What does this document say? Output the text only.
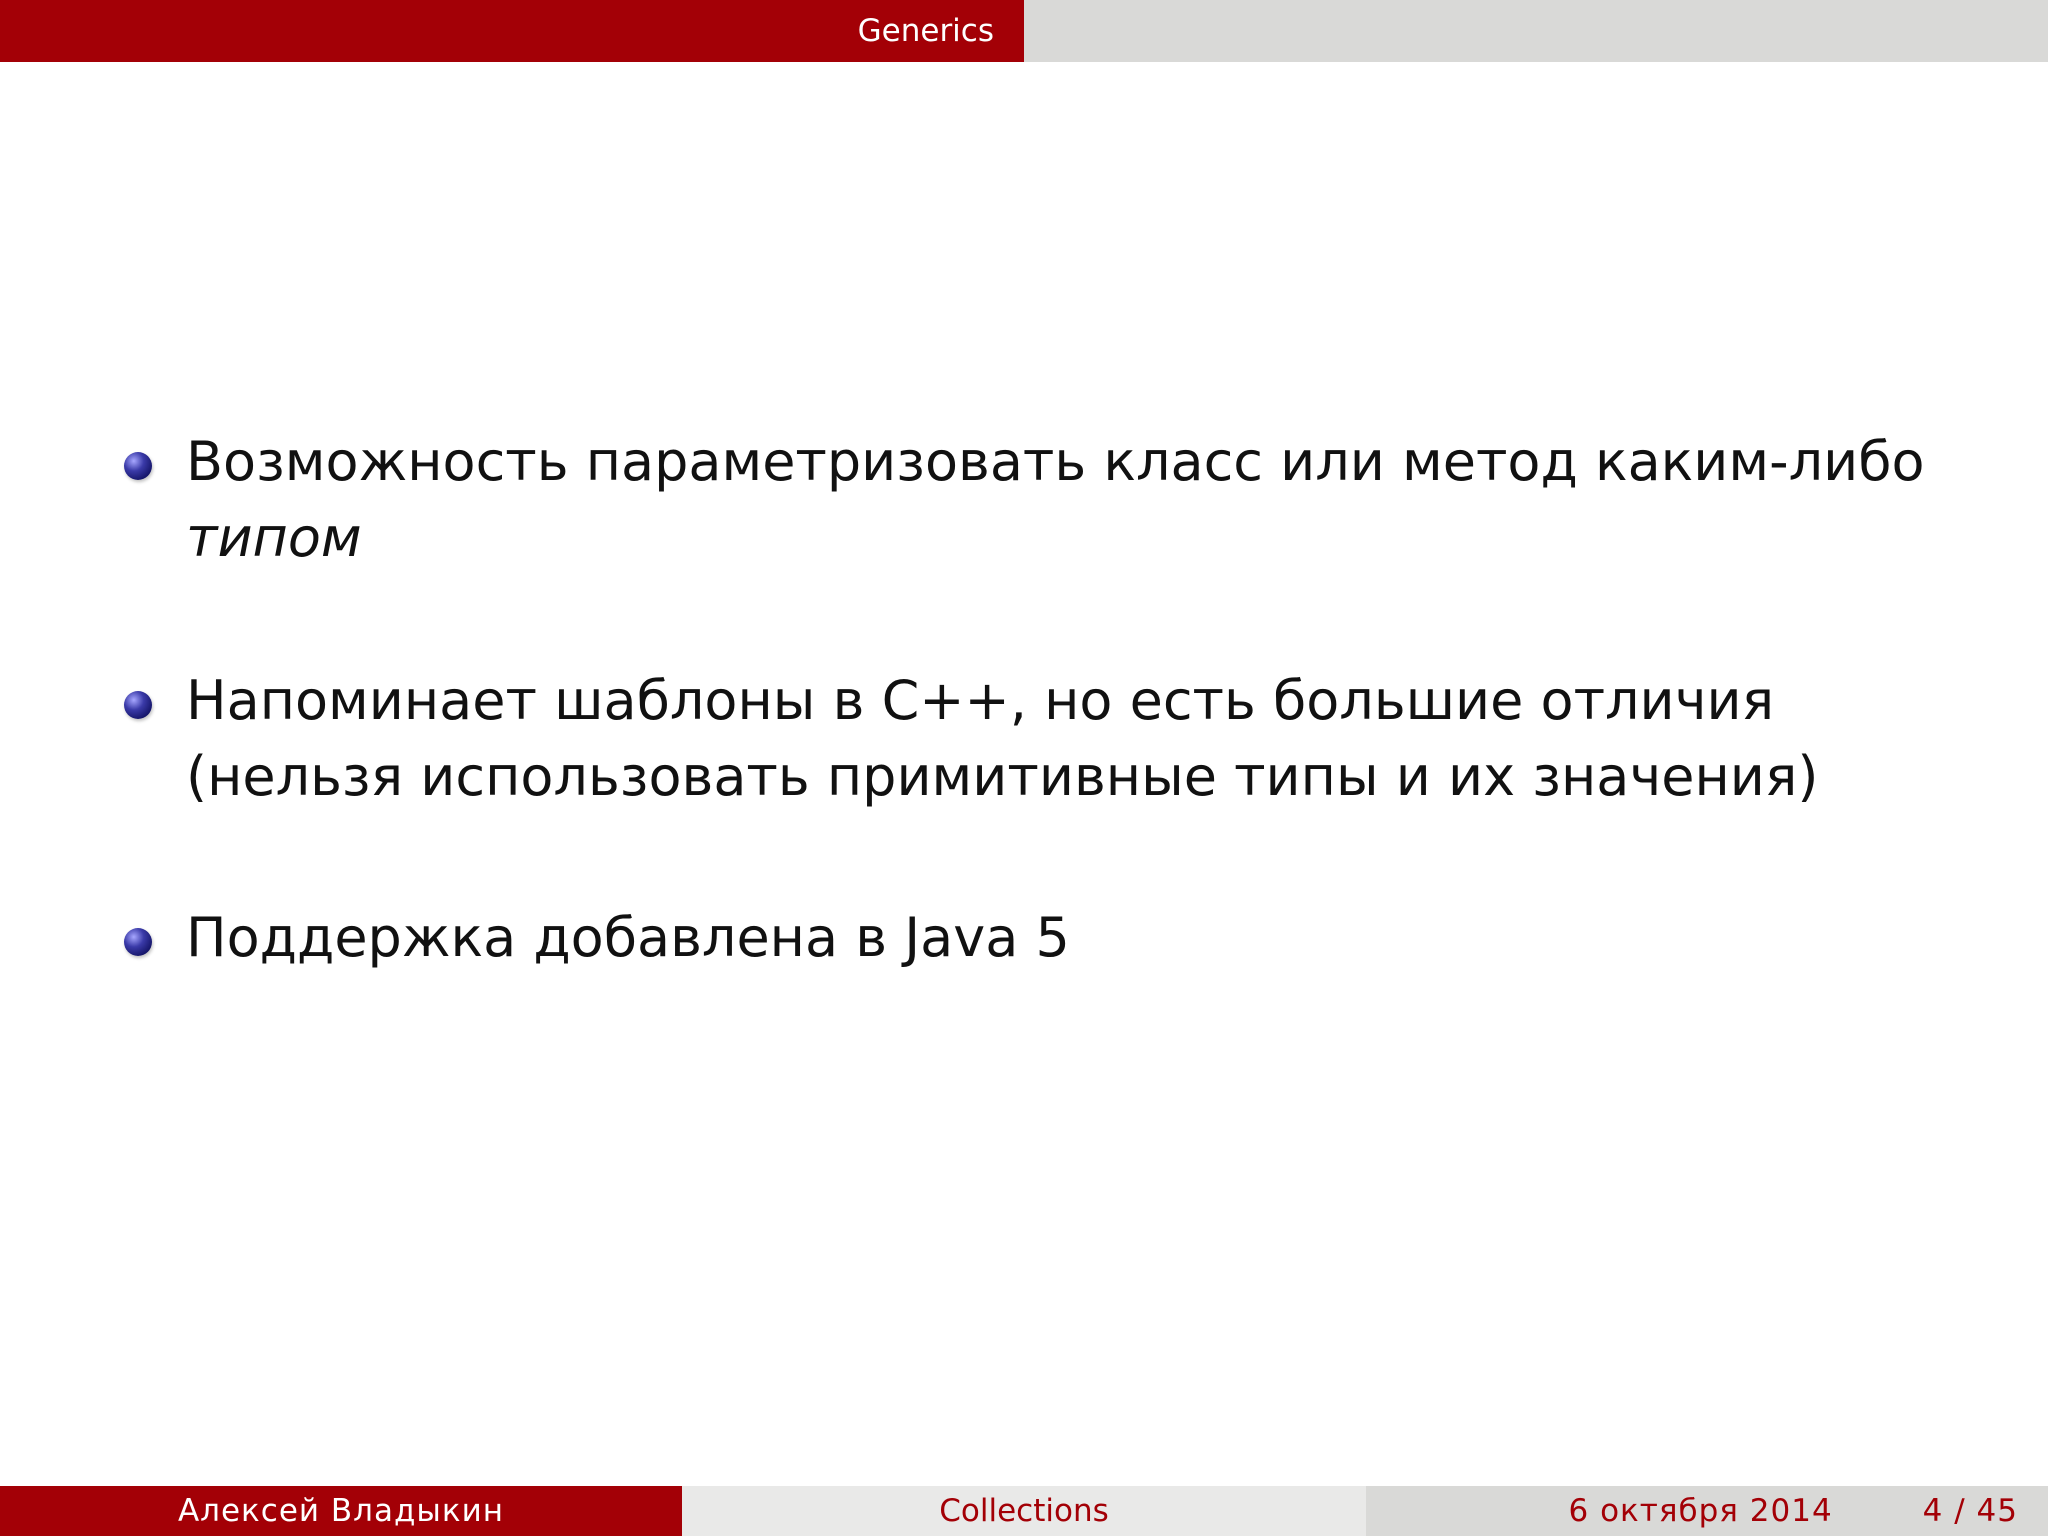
Generics
Возможность параметризовать класс или метод каким-либо
типом
Напоминает шаблоны в C++, но есть большие отличия
(нельзя использовать примитивные типы и их значения)
Поддержка добавлена в Java 5
Алексей Владыкин	Collections	6 октября 2014	4 / 45
